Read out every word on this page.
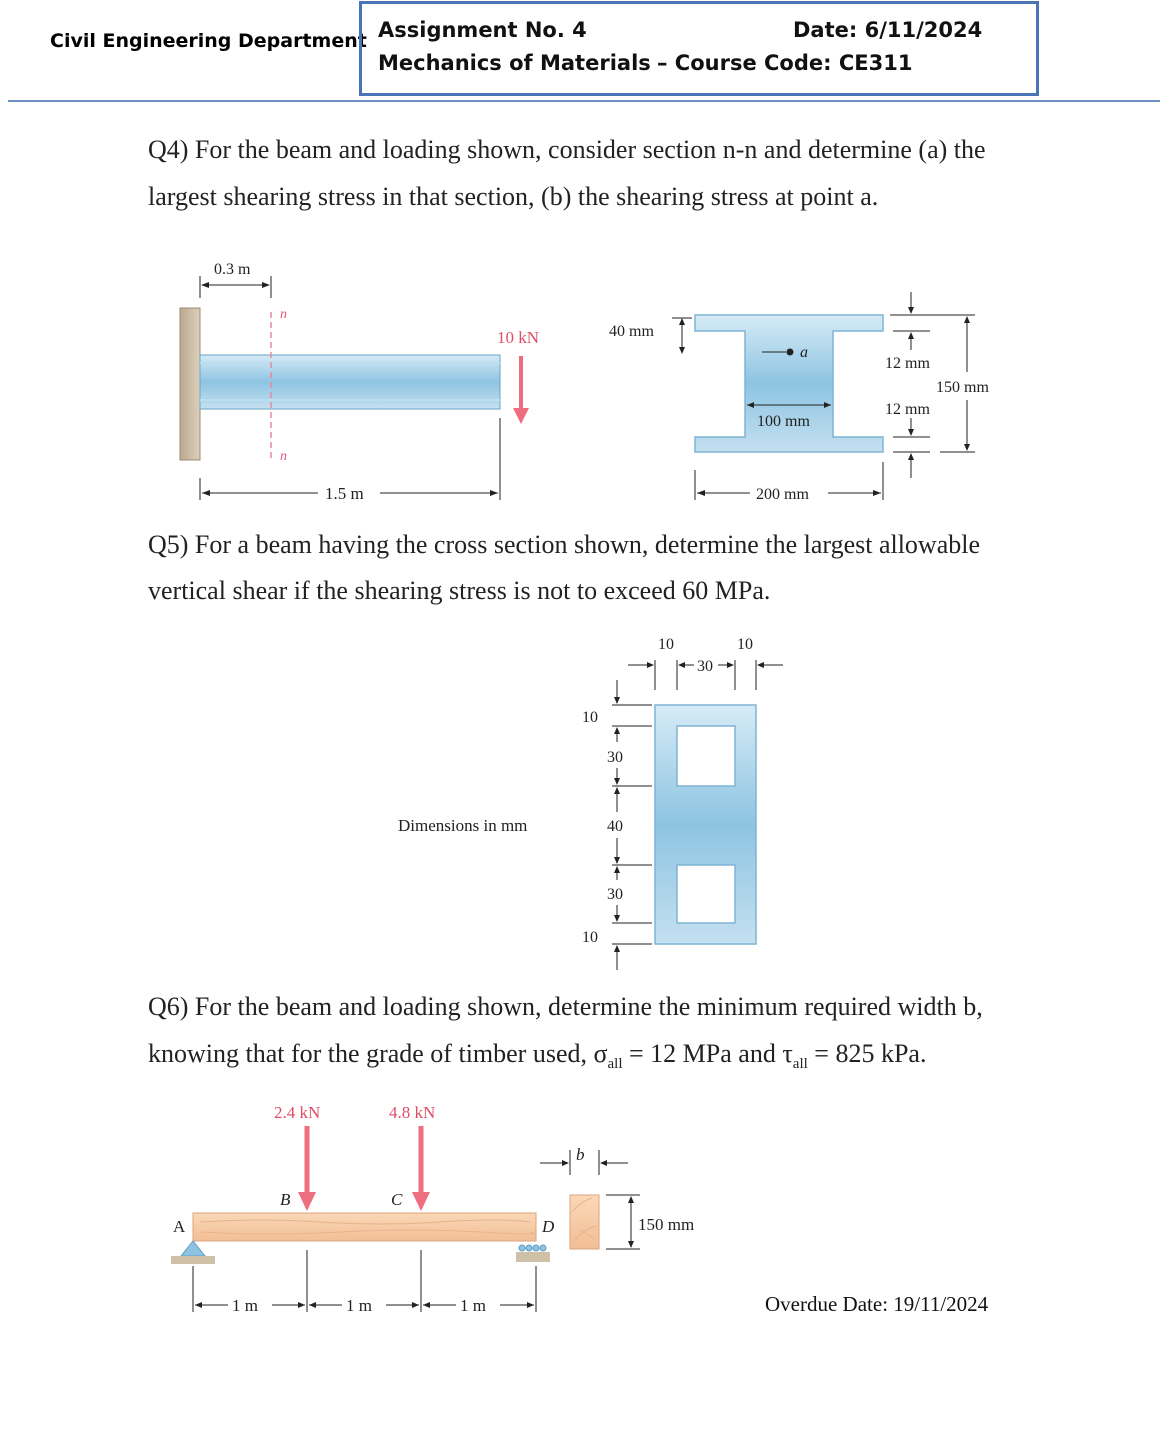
Civil Engineering Department Assignment No. 4	Date: 6/11/2024
Mechanics of Materials – Course Code: CE311
Q4) For the beam and loading shown, consider section n-n and determine (a) the
largest shearing stress in that section, (b) the shearing stress at point a.
n
n
0.3 m
10 kN
1.5 m
40 mm
a
100 mm
12 mm
12 mm
150 mm
200 mm
Q5) For a beam having the cross section shown, determine the largest allowable
vertical shear if the shearing stress is not to exceed 60 MPa.
10	10
30
10
30
40
30
10
Dimensions in mm
Q6) For the beam and loading shown, determine the minimum required width b,
knowing that for the grade of timber used, $\sigma_{all} = 12$ MPa and $\tau_{all} = 825$ kPa.
A	D
2.4 kN	4.8 kN
B	C
1 m	1 m	1 m
b
150 mm
Overdue Date: 19/11/2024
